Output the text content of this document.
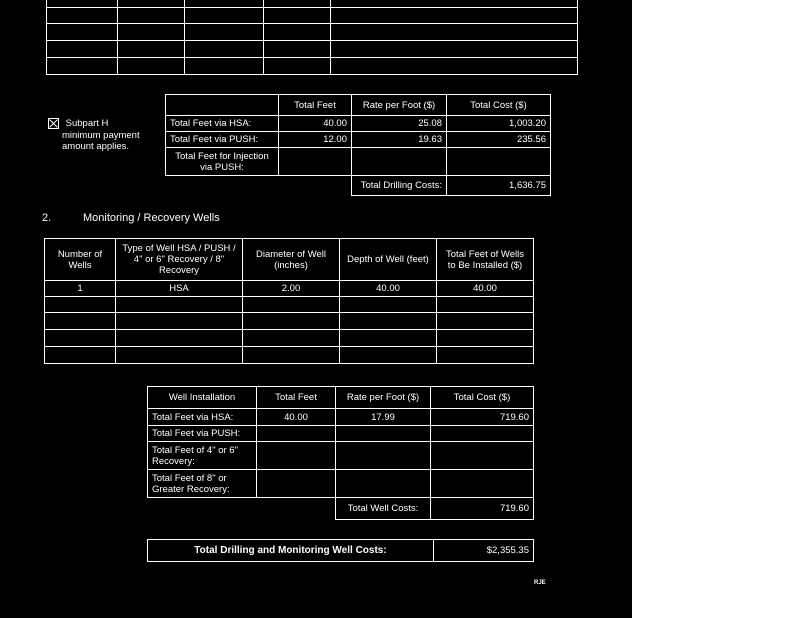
Subpart H
minimum payment
amount applies.
	Total Feet	Rate per Foot ($)	Total Cost ($)
Total Feet via HSA:	40.00	25.08	1,003.20
Total Feet via PUSH:	12.00	19.63	235.56
Total Feet for Injection via PUSH:			
		Total Drilling Costs:	1,636.75
2.	Monitoring / Recovery Wells
Number of Wells	Type of Well HSA / PUSH / 4" or 6" Recovery / 8" Recovery	Diameter of Well (inches)	Depth of Well (feet)	Total Feet of Wells to Be Installed ($)
1	HSA	2.00	40.00	40.00

Well Installation	Total Feet	Rate per Foot ($)	Total Cost ($)
Total Feet via HSA:	40.00	17.99	719.60
Total Feet via PUSH:			
Total Feet of 4" or 6" Recovery:			
Total Feet of 8" or Greater Recovery:			
		Total Well Costs:	719.60
Total Drilling and Monitoring Well Costs:	$2,355.35
RJE
